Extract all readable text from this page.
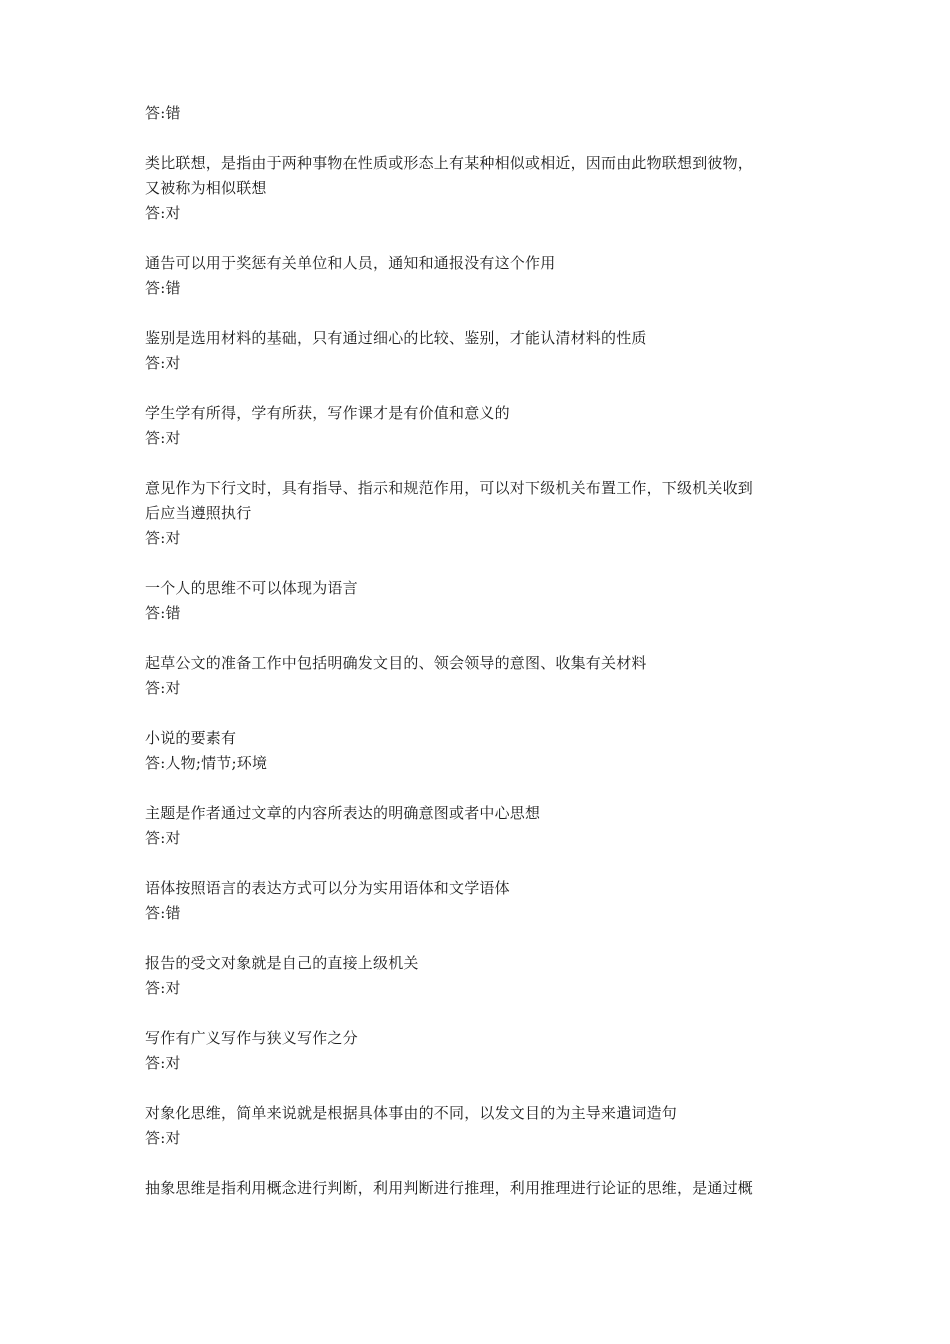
答:错
类比联想，是指由于两种事物在性质或形态上有某种相似或相近，因而由此物联想到彼物，
又被称为相似联想
答:对
通告可以用于奖惩有关单位和人员，通知和通报没有这个作用
答:错
鉴别是选用材料的基础，只有通过细心的比较、鉴别，才能认清材料的性质
答:对
学生学有所得，学有所获，写作课才是有价值和意义的
答:对
意见作为下行文时，具有指导、指示和规范作用，可以对下级机关布置工作，下级机关收到
后应当遵照执行
答:对
一个人的思维不可以体现为语言
答:错
起草公文的准备工作中包括明确发文目的、领会领导的意图、收集有关材料
答:对
小说的要素有
答:人物;情节;环境
主题是作者通过文章的内容所表达的明确意图或者中心思想
答:对
语体按照语言的表达方式可以分为实用语体和文学语体
答:错
报告的受文对象就是自己的直接上级机关
答:对
写作有广义写作与狭义写作之分
答:对
对象化思维，简单来说就是根据具体事由的不同，以发文目的为主导来遣词造句
答:对
抽象思维是指利用概念进行判断，利用判断进行推理，利用推理进行论证的思维，是通过概
